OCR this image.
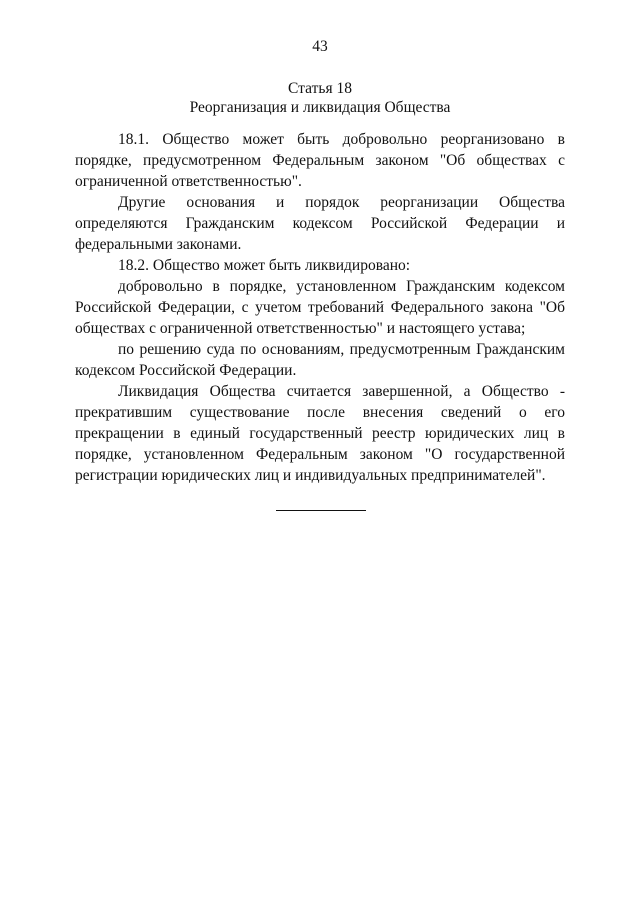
43
Статья 18
Реорганизация и ликвидация Общества

18.1. Общество может быть добровольно реорганизовано в порядке, предусмотренном Федеральным законом "Об обществах с ограниченной ответственностью".

Другие основания и порядок реорганизации Общества определяются Гражданским кодексом Российской Федерации и федеральными законами.

18.2. Общество может быть ликвидировано:

добровольно в порядке, установленном Гражданским кодексом Российской Федерации, с учетом требований Федерального закона "Об обществах с ограниченной ответственностью" и настоящего устава;

по решению суда по основаниям, предусмотренным Гражданским кодексом Российской Федерации.

Ликвидация Общества считается завершенной, а Общество - прекратившим существование после внесения сведений о его прекращении в единый государственный реестр юридических лиц в порядке, установленном Федеральным законом "О государственной регистрации юридических лиц и индивидуальных предпринимателей".
